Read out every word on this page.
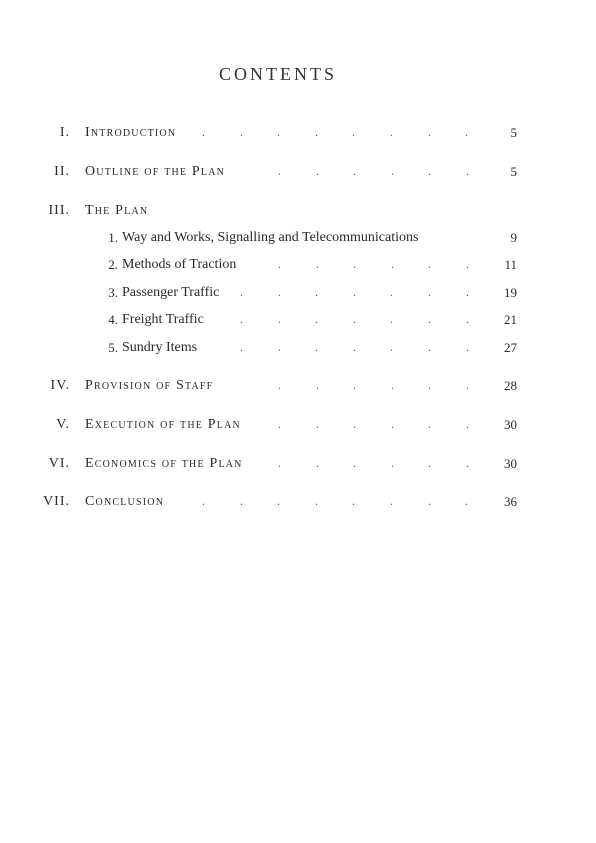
CONTENTS
I. Introduction .	.	.	.	.	.	.	.	5
II. Outline of the Plan	.	.	.	.	.	.	5
III. The Plan
1. Way and Works, Signalling and Telecommunications	9
2. Methods of Traction	.	.	.	.	.	.	11
3. Passenger Traffic .	.	.	.	.	.	.	19
4. Freight Traffic	.	.	.	.	.	.	.	21
5. Sundry Items	.	.	.	.	.	.	.	27
IV. Provision of Staff	.	.	.	.	.	.	28
V. Execution of the Plan	.	.	.	.	.	.	30
VI. Economics of the Plan	.	.	.	.	.	.	30
VII. Conclusion	.	.	.	.	.	.	.	.	36
